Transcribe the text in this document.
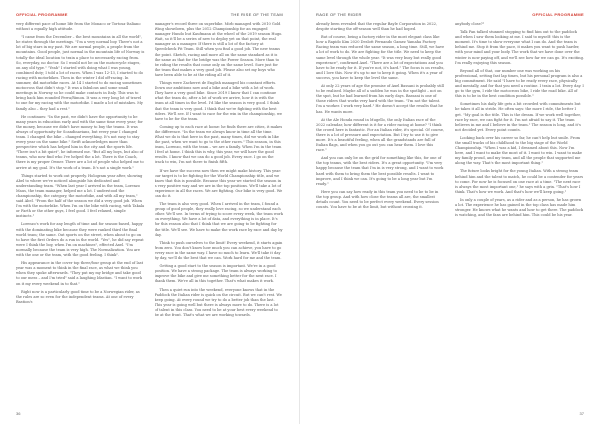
OFFICIAL PROGRAMME	THE RISE OF THE TEAM

very different pace of home life from the Monaco or Tortosa-Italiano without a equally high attitude.

"I came from the December – the best mountains in all the world", he states through the meetings. "I'm a very normal boy. There's not a lot of big stars in my past. We are normal people, a people from the mountains. Good people, just normal in the mountain life of Norway is totally the ideal location to train a place to necessarily racing from. So, everyday, no doctor. So I would not be on the motorcycle stages, on any old type." "Yeah" I started with doing what I was young, combined duty; I told a lot of races. When I was 12-13, I started to do racing with motorbikes. Then in the winter I did off-racing. In summer, did motorbike races. At 14 I started to do racing sometimes motocross that didn't stop." It was a fabulous and some small meetings in Norway so he could make contacts in Italy. This was to bring back him rounded Ferra/Rimon. It was a very long lot of travel to one for my racing with the motorbike. I made a lot of mistakes. My family also – they had a rest."

He continues: "In the past, we didn't have the opportunity to be many years in education early and with the same time every year; for the money, because we didn't have money to buy the teams. It was always of opportunity for Scandinavians, but every year I changed team. I changed the bike – changed everything. It's not easy to stay every year on the same bike." Swift acknowledges more than perspective which has helped him in the city and the sports life. "There isn't a bit quiet", he informed me. "But all my boys, but also of teams, who now find who I've helped the a lot. There is the Coach, there is my proper Owner. There are a lot of people who helped me to arrive at my goal. It's the work of a team. It's not a single work."

Things started to work out properly. Hologram year after, showing Abel to where we've noticed alongside his dedicated and understanding team. "When last year I arrived in the team, Lorenzo Maus, the team manager, helped me a lot. I understood the championship, the category, the motorbike, and with all my team," said Abel. "From the half of the season we did a very good job. When I'm with the motorbike. When I'm on the bike with racing, with Takala or Farth or the other guys, I feel good. I feel relaxed, simple instincts."

Lorenzo's work for any length of time and for season-based, happy with the dominating bike because they were ranked third the final world team; the same. Out sports on the street, when about to go on to have the first Orders do a run in the world. "Yes", he did say repeat were I think the boy, when I'm on machines", effected Axel. "I'm normally because the team is very high. The Normalization. You are with the one or the team, with the good feeling. I think".

His appearance in the cover top three/four group at the end of last year was a moment to think in the final race, as what we think you when they spoke afterwards. "They put my my bridge and take good to our mess – and I'm tried" said a laughing Idastian. "I want to work on it my every weekend in to that."

Right now is a particularly good time to be a Norwegian rider, as the rules are so even for the independent teams. At one of every Bastion's

manager's record three on superbike. Mirb managed with 2010 Gold Wing showdown, plus the 2012 Championship for an engaged manager Hundo but Kaufmann at the wheel of the 2019 season Hugo. Wait, so it'll be a series of new to deploy yet on that point, the real manager as a manager. If there is still a lot of the factory at Speedcheck Pit Team. Still when you find a good job. The new teams the point. Sketch, racing and more all on the same standard as it is the same as that for the bridge was the Power Season. More than to be riding the results that come only on the same level. Sure just for the team that makes a very good job. Please also set my boys who have been able to be at the riding all of it.

Things were Zacherrri de English managed his constant efforts. Down our ambitions now and a bike and a bike with a lot of work. They have a very good bike. Since 2019 I know that I can continue what the team do, after a lot of work we arrive, how it is with the team at all times in the level. I'd like the season is very good. I think that the team is very good. I think that we're fighting with the best riders. We'll see. If I want to race for the win in the championship, we have to be for the team.

Coming up to each race at home: he finds there are cities, it makes the difference. "In the team we always know in time all the time. What we do is that here in the past, many times, did we work in like the past, when we want to go to the other races." This season, in this team, Lorenzo, with the team – we are a family. When I'm in the team I feel at home. I think this is why, this year, we will have the good results. I know that we can do a good job. Every race. I go on the track to win, I'm not there to finish fifth.

If we have the success now then we might make history. This year: our target is to be fighting for the World Championship title, and we know that this is possible. Because this year we started the season in a very positive way and we are in the top positions. We'll take a lot of experience in all the races. We are fighting. Our bike is very good. We can do it.

The team is also very good. When I arrived in the team, I found a group of good people, they really love racing, so we understand each other. We'll see. In terms of trying to score every week, the team work on everything. We have a lot of data, and everything is in place. It's for this reason also that I think that we are going to be fighting for the title. We'll see. We have to make the work race by race and day by day.

Think to push ourselves to the limit! Every weekend, it starts again from zero. You don't know how much you can achieve, you have to go every race in the same way. I have so much to learn. We'll take it day by day, we'll do the best that we can. Work hard for me and the team.

Getting a good start to the season is important. We're in a good position. We have a strong package. The team is always working to improve the bike and give me something better for the next race. I thank them. We're all in this together. That's what makes it work.

Then a quiet run into the weekend, everyone knows that in the Paddock the Italian rider is quick on the circuit. But we can't rest. We keep going. At every round we try to do a better job than the last. This year is going well but there is always more to do. There is a lot of talent in this class. You need to be at your best every weekend to be at the front. That's what we are working towards.

36
RAGE OF THE RIDER	OFFICIAL PROGRAMME

already been revealed that the regular Bayle Corporation in 2022, despite starting the off-season well than he had hoped.

But of course, being a factory rider in the most elegant class like how a Rapido Kim 2020 Deslott Fernando Gamez Yamaha Factory Racing team was reduced the same season, a long time. Still, we have a lot of work to do. We are fighting for the title. We need to keep the same level through the whole year. "It was very busy but really good experience", confirmed Axel. "There are a lot of expectations and you have to be ready for it. If you're not, it's hard." The focus is on results, and I love this. Now it's up to me to keep it going. When it's a year of success, you have to keep the level the same.

At only 22 years of age the promise of Axel Bassani is probably still to be realised. Maybe all of a sudden he was in the spotlight – not on the spot, but he had learned from his early days. Bassani is one of those riders that works very hard with the team. "I'm not the talent. I'm a worker. I work very hard." He doesn't accept the results that he has. He wants more.

At the Ale Honda round in Mugello, the only Italian race of the 2022 calendar, how different is it for a rider racing at home? "I think the crowd here is fantastic. For an Italian rider, it's special. Of course, there is a lot of pressure and expectation. But I try to use it to give more. It's a beautiful feeling, when all the grandstands are full of Italian flags, and when you go out you can hear them. I love this race."

And you can only be on the grid for something like this, for one of the top teams, with the best riders. It's a great opportunity. "I'm very happy because the team that I'm in is very strong, and I want to work hard with them to bring them the best possible results. I want to improve, and I think we can. It's going to be a long year but I'm ready."

Here you can say how ready in this team you need to be to be in the top group. And with how close the teams all are, the smallest details count. You need to be perfect every weekend. Every session counts. You have to be at the limit, but without crossing it.

anybody close?"

Talk Fan talked stunned stopping to find him out to the paddock and when I saw them looking at me. I said to myself: this is the moment. It's time to show everyone what I can do. And the team is behind me. Stop it from the pace, it makes you want to push harder, with your mind and your body. The work that we have done over the winter is now paying off, and we'll see how far we can go. It's exciting. I'm really enjoying this season.

Beyond all of that, our number one was working on his professional, setting fast lap times, but his personal program is also a big commitment. He said "I have to be ready every race, physically and mentally, and for that you need a routine. I train a lot. Every day. I go to the gym, I ride the motocross bike, I ride the road bike. All of this is to be in the best condition possible."

Sometimes his daily life gets a bit crowded with commitments but he takes it all in stride. He often says: the more I ride, the better I get. "My goal is the title. This is the dream. If we work well together, race by race, we can fight for it. I'm not afraid to say it. The team believes in me and I believe in the team." The season is long, and it's not decided yet. Every point counts.

Looking back over his career so far, he can't help but smile. From the small tracks of his childhood to the big stage of the World Championship. "When I was a kid, I dreamed about this. Now I'm here, and I want to make the most of it. I want to win. I want to make my family proud, and my team, and all the people that supported me along the way. That's the most important thing."

The future looks bright for the young Italian. With a strong team behind him and the talent to match, he could be a contender for years to come. For now he is focused on one race at a time. "The next race is always the most important one," he says with a grin. "That's how I think. That's how we work. And that's how we'll keep going."

In only a couple of years, as a rider and as a person, he has grown a lot. The experience he has gained in the top class has made him stronger. He knows what he wants and how to get there. The paddock is watching, and the fans are behind him. This could be his year.

37
